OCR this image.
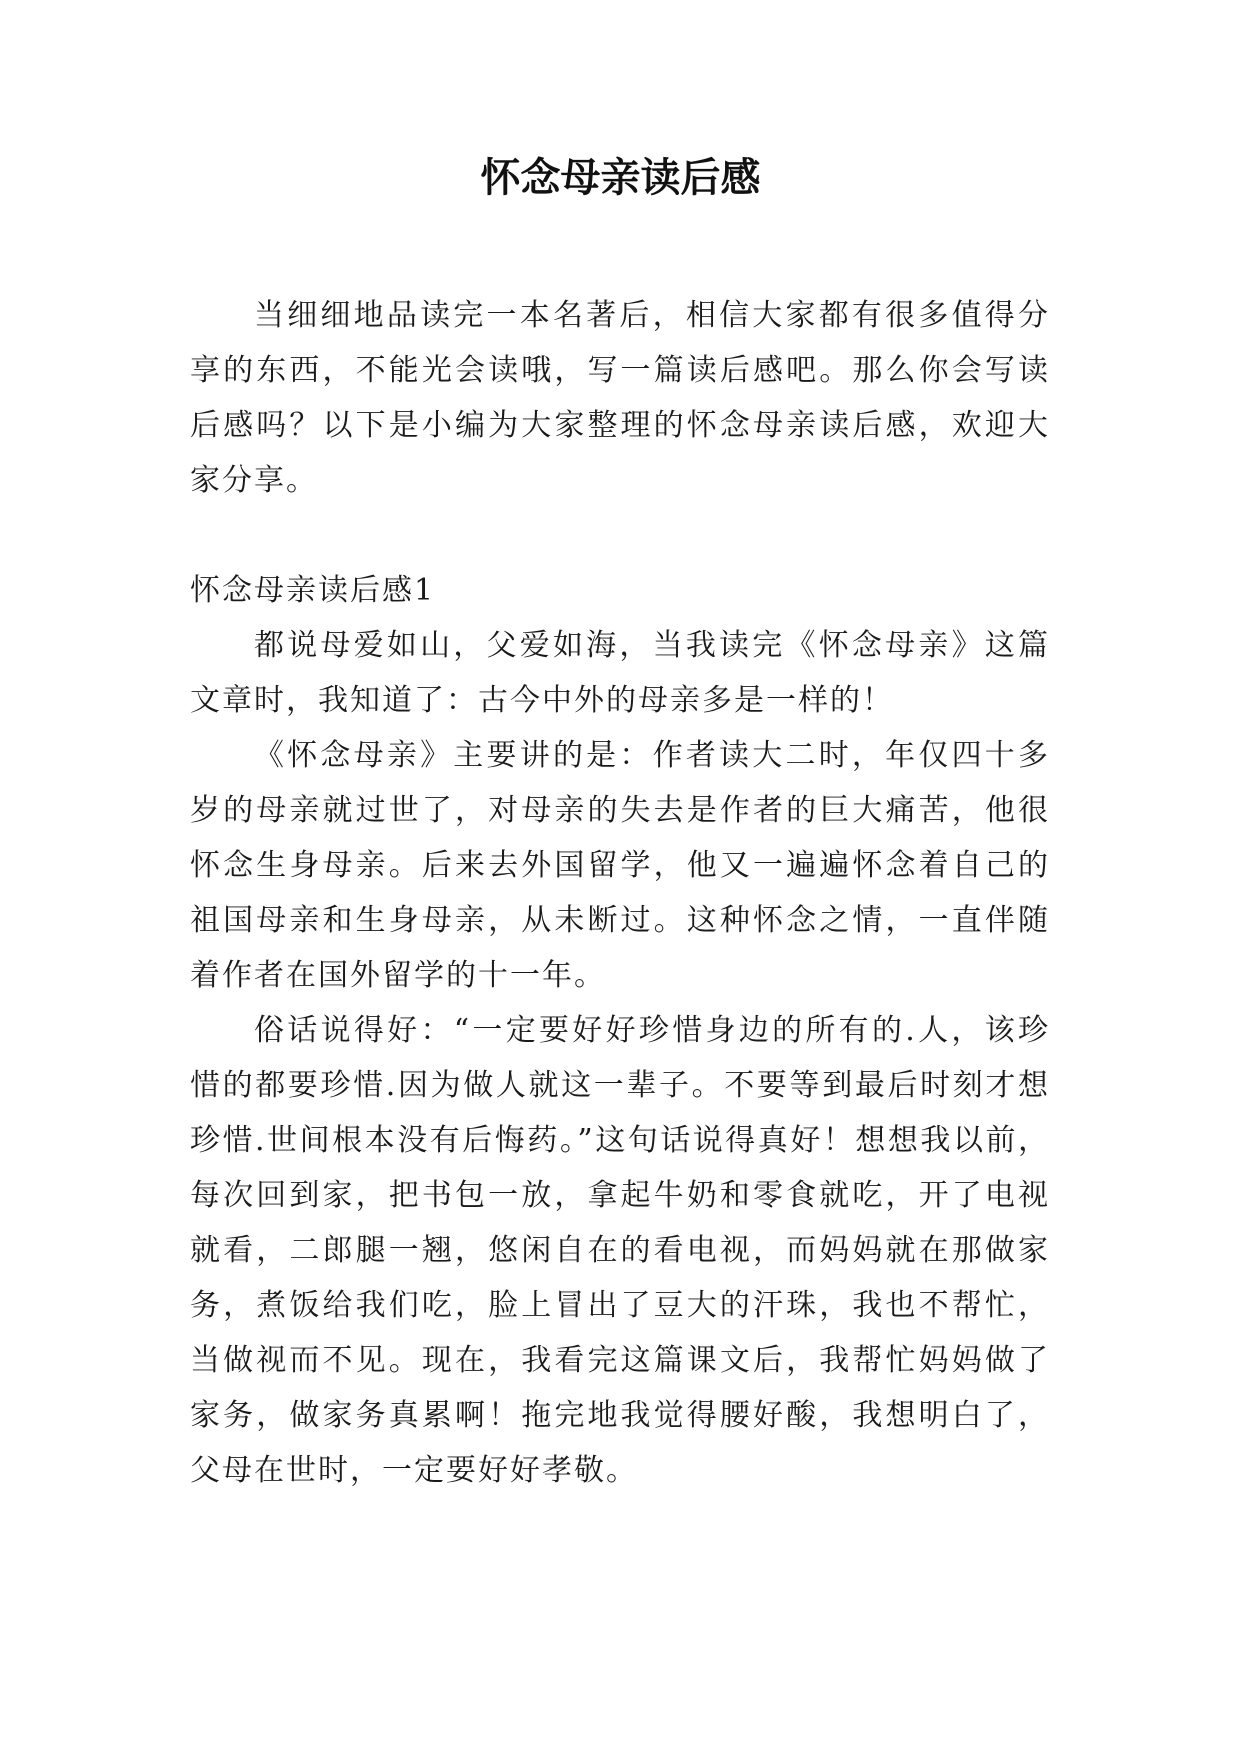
怀念母亲读后感

当细细地品读完一本名著后，相信大家都有很多值得分享的东西，不能光会读哦，写一篇读后感吧。那么你会写读后感吗？以下是小编为大家整理的怀念母亲读后感，欢迎大家分享。

怀念母亲读后感1

都说母爱如山，父爱如海，当我读完《怀念母亲》这篇文章时，我知道了：古今中外的母亲多是一样的！

《怀念母亲》主要讲的是：作者读大二时，年仅四十多岁的母亲就过世了，对母亲的失去是作者的巨大痛苦，他很怀念生身母亲。后来去外国留学，他又一遍遍怀念着自己的祖国母亲和生身母亲，从未断过。这种怀念之情，一直伴随着作者在国外留学的十一年。

俗话说得好：“一定要好好珍惜身边的所有的.人，该珍惜的都要珍惜.因为做人就这一辈子。不要等到最后时刻才想珍惜.世间根本没有后悔药。”这句话说得真好！想想我以前，每次回到家，把书包一放，拿起牛奶和零食就吃，开了电视就看，二郎腿一翘，悠闲自在的看电视，而妈妈就在那做家务，煮饭给我们吃，脸上冒出了豆大的汗珠，我也不帮忙，当做视而不见。现在，我看完这篇课文后，我帮忙妈妈做了家务，做家务真累啊！拖完地我觉得腰好酸，我想明白了，父母在世时，一定要好好孝敬。
